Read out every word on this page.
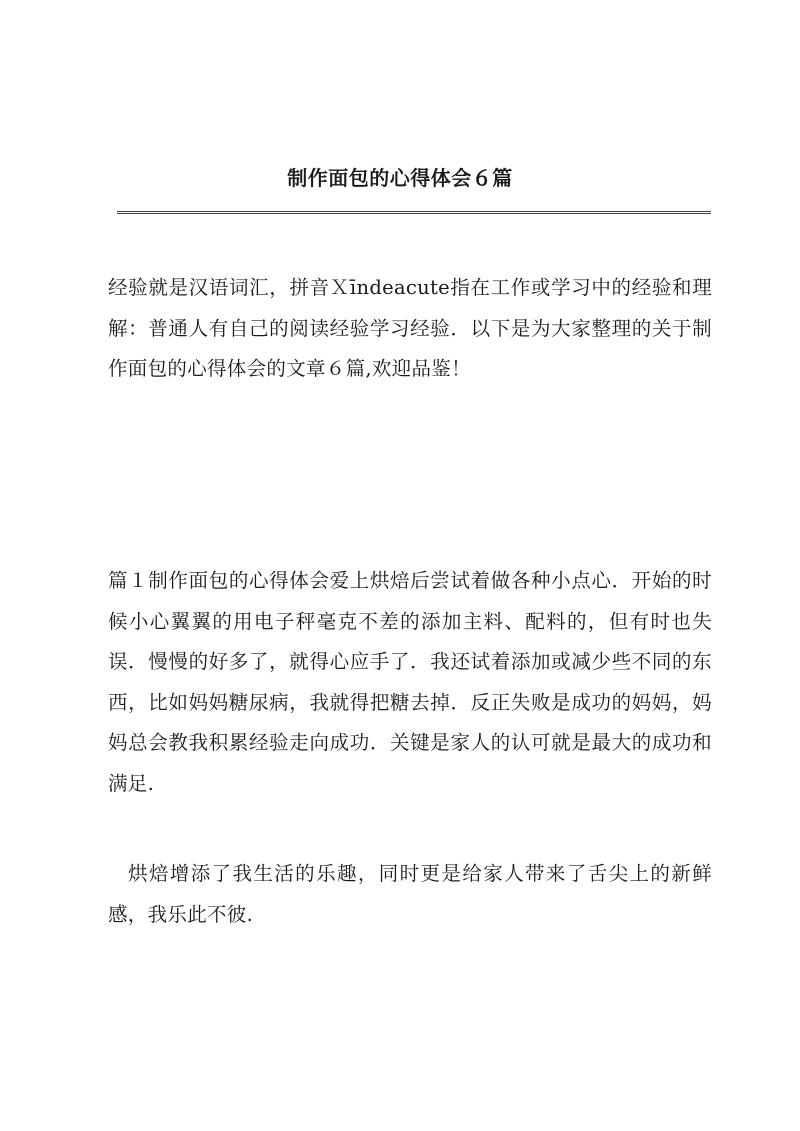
制作面包的心得体会６篇

经验就是汉语词汇，拼音Ｘīndeacute指在工作或学习中的经验和理解：普通人有自己的阅读经验学习经验．以下是为大家整理的关于制作面包的心得体会的文章６篇,欢迎品鉴！

篇１制作面包的心得体会爱上烘焙后尝试着做各种小点心．开始的时候小心翼翼的用电子秤毫克不差的添加主料、配料的，但有时也失误．慢慢的好多了，就得心应手了．我还试着添加或减少些不同的东西，比如妈妈糖尿病，我就得把糖去掉．反正失败是成功的妈妈，妈妈总会教我积累经验走向成功．关键是家人的认可就是最大的成功和满足.

烘焙增添了我生活的乐趣，同时更是给家人带来了舌尖上的新鲜感，我乐此不彼.
